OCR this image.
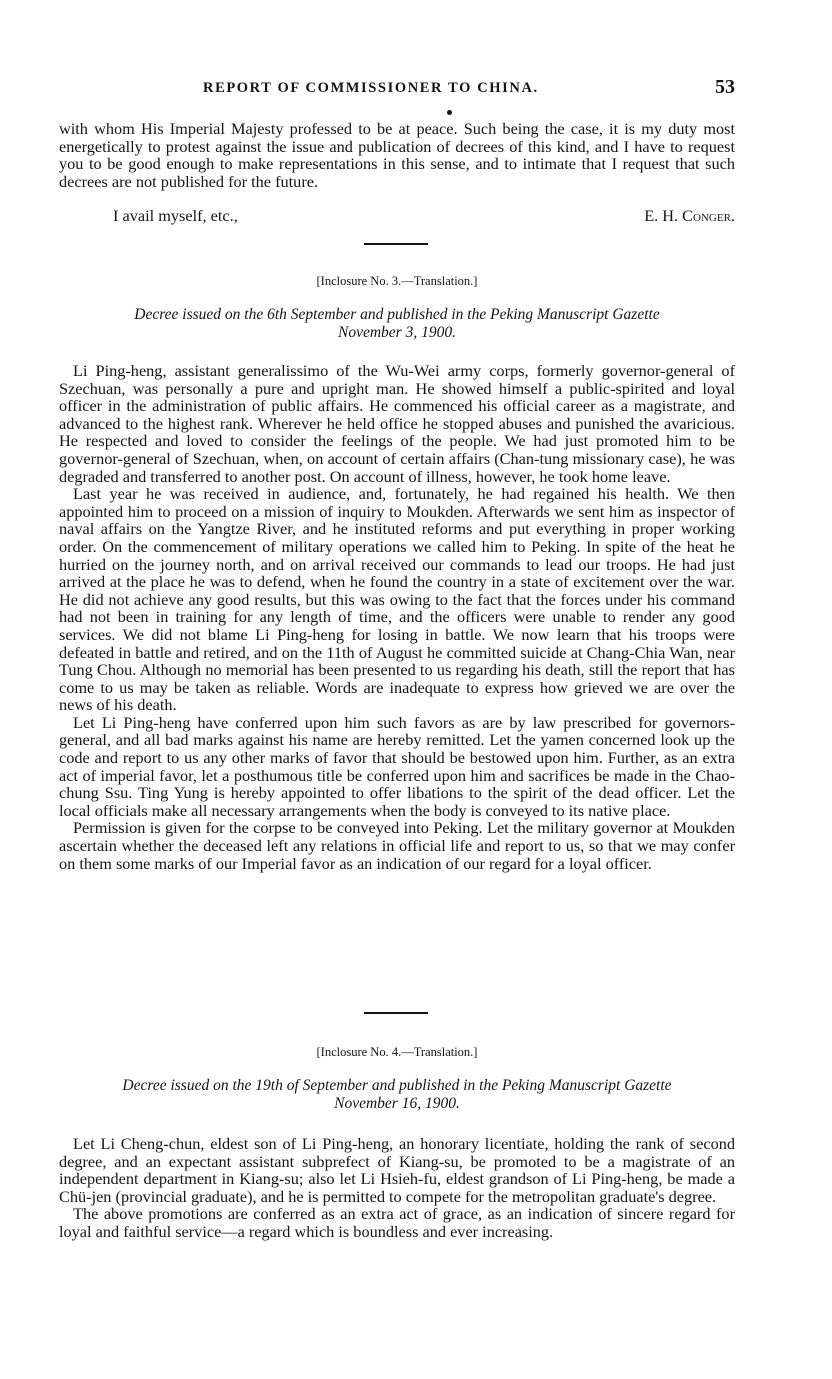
REPORT OF COMMISSIONER TO CHINA.	53

with whom His Imperial Majesty professed to be at peace. Such being the case, it is my duty most energetically to protest against the issue and publication of decrees of this kind, and I have to request you to be good enough to make representations in this sense, and to intimate that I request that such decrees are not published for the future.

I avail myself, etc.,	E. H. Conger.
[Inclosure No. 3.—Translation.]
Decree issued on the 6th September and published in the Peking Manuscript Gazette
November 3, 1900.

Li Ping-heng, assistant generalissimo of the Wu-Wei army corps, formerly governor-general of Szechuan, was personally a pure and upright man. He showed himself a public-spirited and loyal officer in the administration of public affairs. He commenced his official career as a magistrate, and advanced to the highest rank. Wherever he held office he stopped abuses and punished the avaricious. He respected and loved to consider the feelings of the people. We had just promoted him to be governor-general of Szechuan, when, on account of certain affairs (Chan-tung missionary case), he was degraded and transferred to another post. On account of illness, however, he took home leave.

Last year he was received in audience, and, fortunately, he had regained his health. We then appointed him to proceed on a mission of inquiry to Moukden. Afterwards we sent him as inspector of naval affairs on the Yangtze River, and he instituted reforms and put everything in proper working order. On the commencement of military operations we called him to Peking. In spite of the heat he hurried on the journey north, and on arrival received our commands to lead our troops. He had just arrived at the place he was to defend, when he found the country in a state of excitement over the war. He did not achieve any good results, but this was owing to the fact that the forces under his command had not been in training for any length of time, and the officers were unable to render any good services. We did not blame Li Ping-heng for losing in battle. We now learn that his troops were defeated in battle and retired, and on the 11th of August he committed suicide at Chang-Chia Wan, near Tung Chou. Although no memorial has been presented to us regarding his death, still the report that has come to us may be taken as reliable. Words are inadequate to express how grieved we are over the news of his death.

Let Li Ping-heng have conferred upon him such favors as are by law prescribed for governors-general, and all bad marks against his name are hereby remitted. Let the yamen concerned look up the code and report to us any other marks of favor that should be bestowed upon him. Further, as an extra act of imperial favor, let a posthumous title be conferred upon him and sacrifices be made in the Chao-chung Ssu. Ting Yung is hereby appointed to offer libations to the spirit of the dead officer. Let the local officials make all necessary arrangements when the body is conveyed to its native place.

Permission is given for the corpse to be conveyed into Peking. Let the military governor at Moukden ascertain whether the deceased left any relations in official life and report to us, so that we may confer on them some marks of our Imperial favor as an indication of our regard for a loyal officer.

[Inclosure No. 4.—Translation.]
Decree issued on the 19th of September and published in the Peking Manuscript Gazette
November 16, 1900.

Let Li Cheng-chun, eldest son of Li Ping-heng, an honorary licentiate, holding the rank of second degree, and an expectant assistant subprefect of Kiang-su, be promoted to be a magistrate of an independent department in Kiang-su; also let Li Hsieh-fu, eldest grandson of Li Ping-heng, be made a Chü-jen (provincial graduate), and he is permitted to compete for the metropolitan graduate's degree.

The above promotions are conferred as an extra act of grace, as an indication of sincere regard for loyal and faithful service—a regard which is boundless and ever increasing.
